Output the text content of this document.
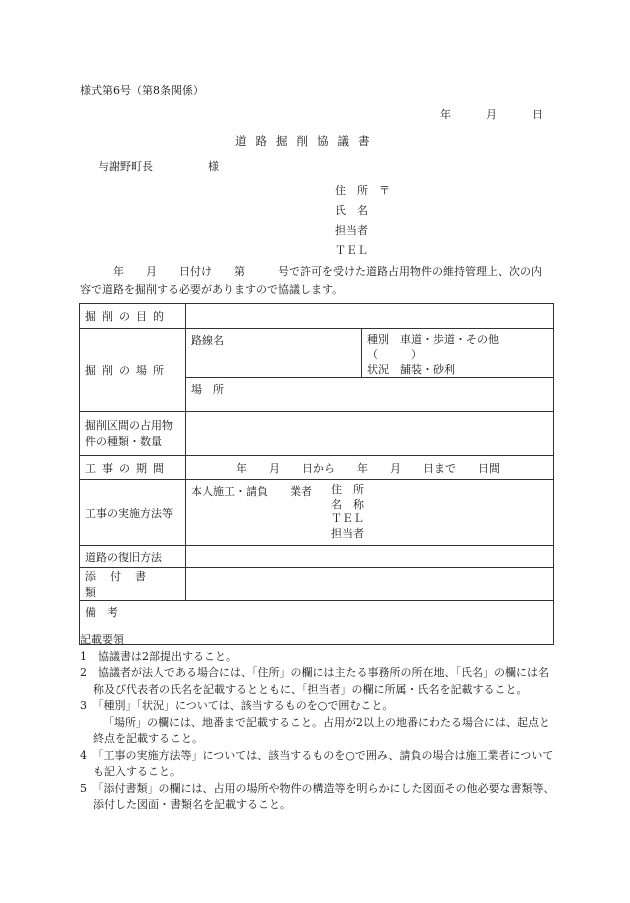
様式第6号（第8条関係）
年	月	日
道路掘削協議書
与謝野町長	様
住　所　〒
氏　名
担当者
ＴＥＬ
　　　年　　月　　日付け　　第　　　号で許可を受けた道路占用物件の維持管理上、次の内容で道路を掘削する必要がありますので協議します。
掘削の目的		
掘削の場所	路線名	種別　車道・歩道・その他（　　　）
状況　舗装・砂利

	場　所	
掘削区間の占用物件の種類・数量		
工事の期間	年　　月　　日から　　年　　月　　日まで　　日間	
工事の実施方法等	本人施工・請負　　業者 住　所
名　称
ＴＥＬ
担当者	

道路の復旧方法		
添付書類		
備　考		
記載要領
1　協議書は2部提出すること。
2　協議者が法人である場合には、「住所」の欄には主たる事務所の所在地、「氏名」の欄には名称及び代表者の氏名を記載するとともに、「担当者」の欄に所属・氏名を記載すること。
3　「種別」「状況」については、該当するものを○で囲むこと。
「場所」の欄には、地番まで記載すること。占用が2以上の地番にわたる場合には、起点と終点を記載すること。
4　「工事の実施方法等」については、該当するものを○で囲み、請負の場合は施工業者についても記入すること。
5　「添付書類」の欄には、占用の場所や物件の構造等を明らかにした図面その他必要な書類等、添付した図面・書類名を記載すること。
